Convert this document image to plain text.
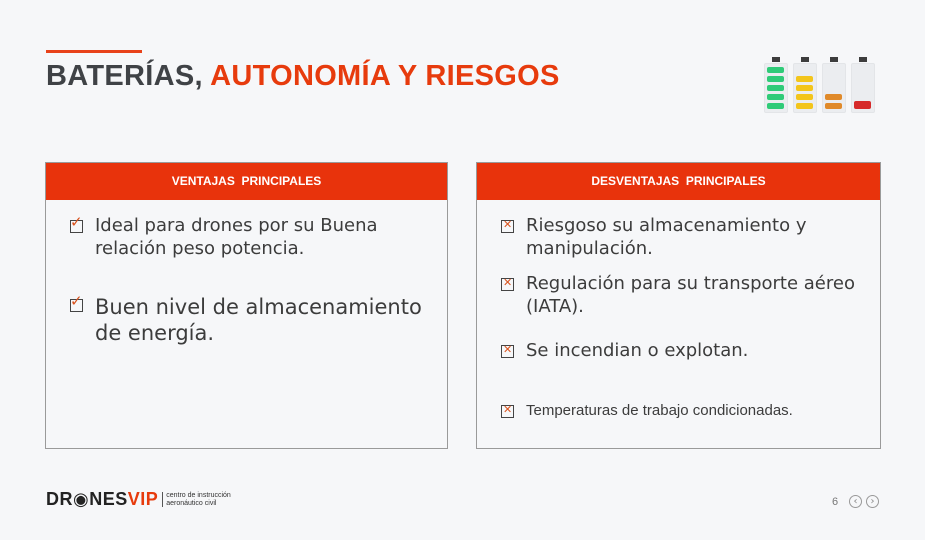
BATERÍAS, AUTONOMÍA Y RIESGOS
VENTAJAS  PRINCIPALES
✓ Ideal para drones por su Buena relación peso potencia.
✓ Buen nivel de almacenamiento de energía.
DESVENTAJAS  PRINCIPALES
✕ Riesgoso su almacenamiento y manipulación.
✕ Regulación para su transporte aéreo (IATA).
✕ Se incendian o explotan.
✕ Temperaturas de trabajo condicionadas.
DR◉NES VIP	centro de instrucción
aeronáutico civil	6	‹	›
